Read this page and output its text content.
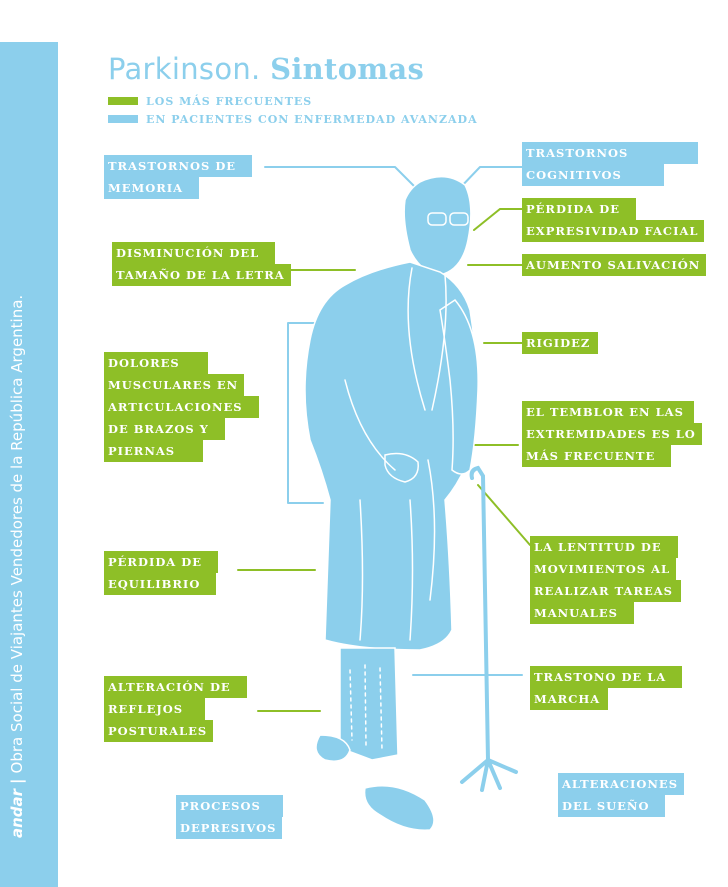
andar|Obra Social de Viajantes Vendedores de la República Argentina.
Parkinson. Sintomas
LOS MÁS FRECUENTES
EN PACIENTES CON ENFERMEDAD AVANZADA
TRASTORNOS DE
MEMORIA
TRASTORNOS
COGNITIVOS
PÉRDIDA DE
EXPRESIVIDAD FACIAL
DISMINUCIÓN DEL
TAMAÑO DE LA LETRA
AUMENTO SALIVACIÓN
RIGIDEZ
DOLORES
MUSCULARES EN
ARTICULACIONES
DE BRAZOS Y
PIERNAS
EL TEMBLOR EN LAS
EXTREMIDADES ES LO
MÁS FRECUENTE
LA LENTITUD DE
MOVIMIENTOS AL
REALIZAR TAREAS
MANUALES
PÉRDIDA DE
EQUILIBRIO
TRASTONO DE LA
MARCHA
ALTERACIÓN DE
REFLEJOS
POSTURALES
PROCESOS
DEPRESIVOS
ALTERACIONES
DEL SUEÑO
